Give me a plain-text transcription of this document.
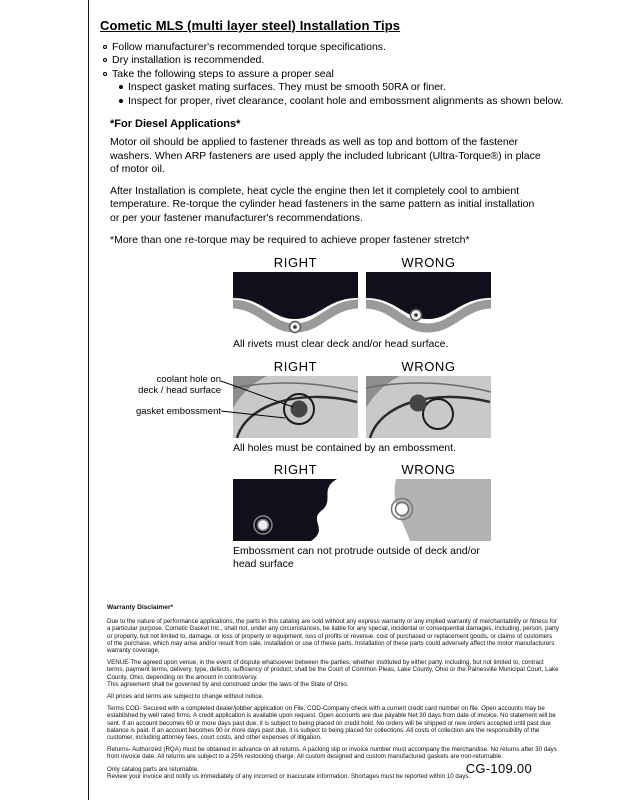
Cometic MLS (multi layer steel) Installation Tips
Follow manufacturer's recommended torque specifications.
Dry installation is recommended.
Take the following steps to assure a proper seal
Inspect gasket mating surfaces. They must be smooth 50RA or finer.
Inspect for proper, rivet clearance, coolant hole and embossment alignments as shown below.
*For Diesel Applications*

Motor oil should be applied to fastener threads as well as top and bottom of the fastener washers. When ARP fasteners are used apply the included lubricant (Ultra-Torque®) in place of motor oil.

After Installation is complete, heat cycle the engine then let it completely cool to ambient temperature. Re-torque the cylinder head fasteners in the same pattern as initial installation or per your fastener manufacturer's recommendations.

*More than one re-torque may be required to achieve proper fastener stretch*

RIGHT	WRONG

All rivets must clear deck and/or head surface.

coolant hole on
deck / head surface
gasket embossment
RIGHT	WRONG

All holes must be contained by an embossment.

RIGHT	WRONG

Embossment can not protrude outside of deck and/or head surface

Warranty Disclaimer*

Due to the nature of performance applications, the parts in this catalog are sold without any express warranty or any implied warranty of merchantability or fitness for a particular purpose. Cometic Gasket Inc., shall not, under any circumstances, be liable for any special, incidental or consequential damages, including, person, party or property, but not limited to, damage, or loss of property or equipment, loss of profits or revenue, cost of purchased or replacement goods, or claims of customers of the purchase, which may arise and/or result from sale, installation or use of these parts. Installation of these parts could adversely affect the motor manufacturers warranty coverage.

VENUE-The agreed upon venue, in the event of dispute whatsoever between the parties, whether instituted by either party, including, but not limited to, contract terms, payment terms, delivery, type, defects, sufficiency of product, shall be the Court of Common Pleas, Lake County, Ohio or the Painesville Municipal Court, Lake County, Ohio, depending on the amount in controversy.

This agreement shall be governed by and construed under the laws of the State of Ohio.

All prices and terms are subject to change without notice.

Terms COD- Secured with a completed dealer/jobber application on File, COD-Company check with a current credit card number on file. Open accounts may be established by well rated firms. A credit application is available upon request. Open accounts are due payable Net 30 days from date of invoice. No statement will be sent. If an account becomes 60 or more days past due, it is subject to being placed on credit hold. No orders will be shipped or new orders accepted until past due balance is paid. If an account becomes 90 or more days past due, it is subject to being placed for collections. All costs of collection are the responsibility of the customer, including attorney fees, court costs, and other expenses of litigation.

Returns- Authorized (RQA) must be obtained in advance on all returns. A packing slip or invoice number must accompany the merchandise. No returns after 30 days from invoice date. All returns are subject to a 25% restocking charge. All custom designed and custom manufactured gaskets are non-returnable.

Only catalog parts are returnable.

Review your invoice and notify us immediately of any incorrect or inaccurate information. Shortages must be reported within 10 days.

CG-109.00
